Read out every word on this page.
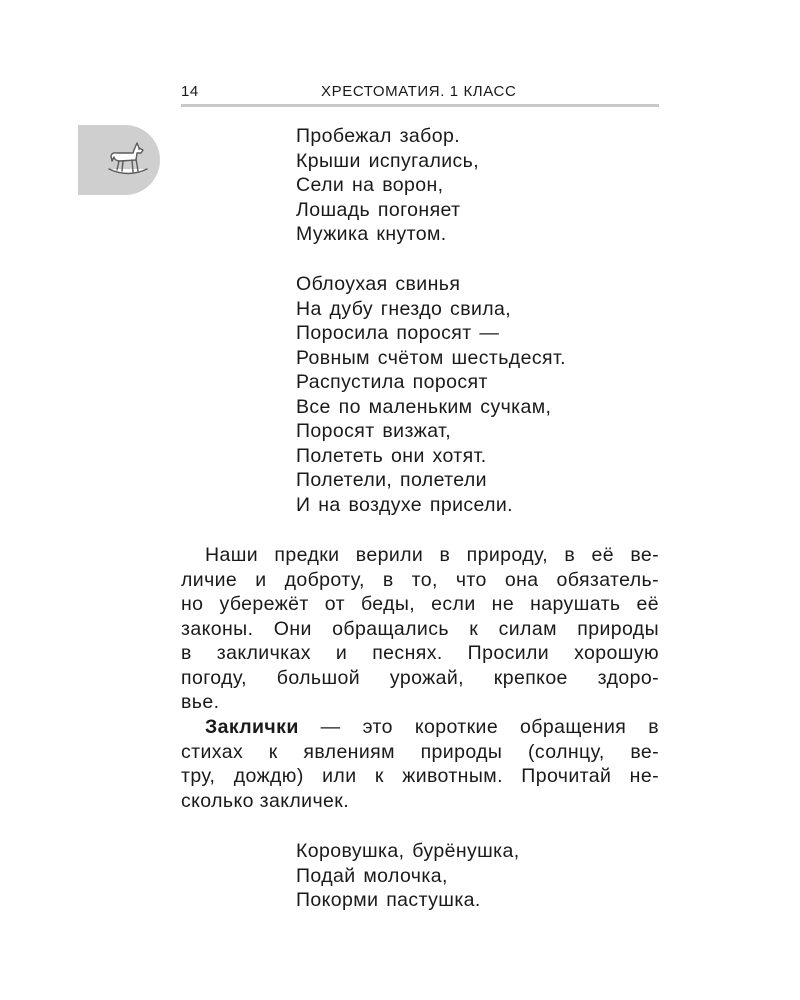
14	ХРЕСТОМАТИЯ. 1 КЛАСС
Пробежал забор.
Крыши испугались,
Сели на ворон,
Лошадь погоняет
Мужика кнутом.
Облоухая свинья
На дубу гнездо свила,
Поросила поросят —
Ровным счётом шестьдесят.
Распустила поросят
Все по маленьким сучкам,
Поросят визжат,
Полететь они хотят.
Полетели, полетели
И на воздухе присели.
Наши предки верили в природу, в её ве-
личие и доброту, в то, что она обязатель-
но убережёт от беды, если не нарушать её
законы. Они обращались к силам природы
в закличках и песнях. Просили хорошую
погоду, большой урожай, крепкое здоро-
вье.
Заклички — это короткие обращения в
стихах к явлениям природы (солнцу, ве-
тру, дождю) или к животным. Прочитай не-
сколько закличек.
Коровушка, бурёнушка,
Подай молочка,
Покорми пастушка.
